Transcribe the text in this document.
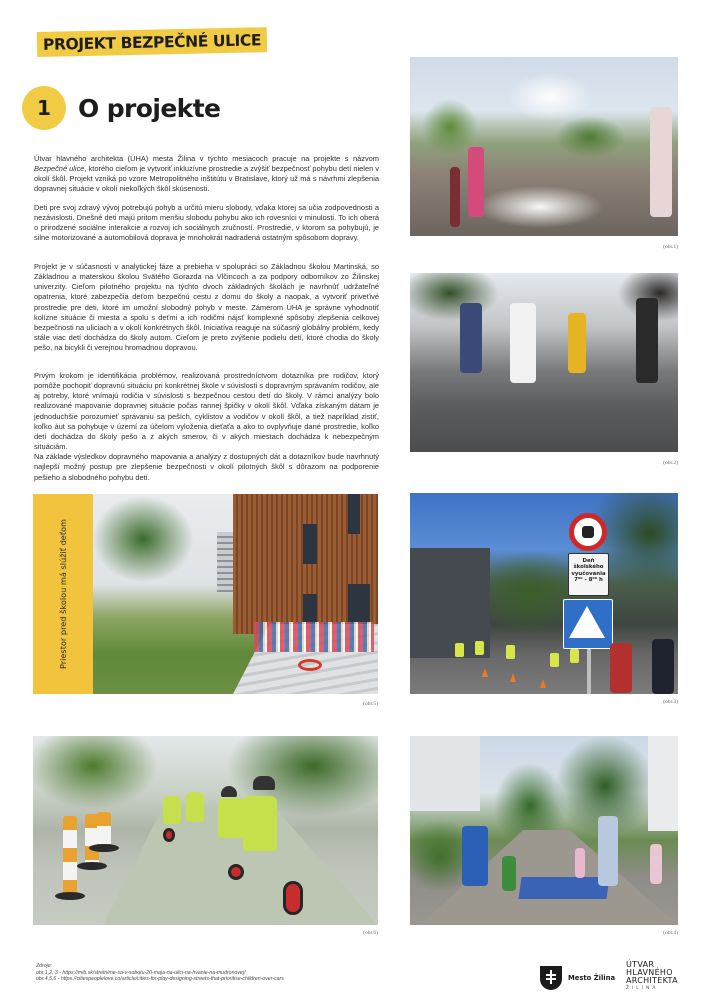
PROJEKT BEZPEČNÉ ULICE
1	O projekte

Útvar hlavného architekta (ÚHA) mesta Žilina v týchto mesiacoch pracuje na projekte s názvom Bezpečné ulice, ktorého cieľom je vytvoriť inkluzívne prostredie a zvýšiť bezpečnosť pohybu detí nielen v okolí škôl. Projekt vzniká po vzore Metropolitného inštitútu v Bratislave, ktorý už má s návrhmi zlepšenia dopravnej situácie v okolí niekoľkých škôl skúsenosti.

Deti pre svoj zdravý vývoj potrebujú pohyb a určitú mieru slobody, vďaka ktorej sa učia zodpovednosti a nezávislosti. Dnešné deti majú pritom menšiu slobodu pohybu ako ich rovesníci v minulosti. To ich oberá o prirodzené sociálne interakcie a rozvoj ich sociálnych zručností. Prostredie, v ktorom sa pohybujú, je silne motorizované a automobilová doprava je mnohokrát nadradená ostatným spôsobom dopravy.

Projekt je v súčasnosti v analytickej fáze a prebieha v spolupráci so Základnou školou Martinská, so Základnou a materskou školou Svätého Gorazda na Vlčincoch a za podpory odborníkov zo Žilinskej univerzity. Cieľom pilotného projektu na týchto dvoch základných školách je navrhnúť udržateľné opatrenia, ktoré zabezpečia deťom bezpečnú cestu z domu do školy a naopak, a vytvoriť priveťivé prostredie pre deti, ktoré im umožní slobodný pohyb v meste. Zámerom ÚHA je správne vyhodnotiť kolízne situácie či miesta a spolu s deťmi a ich rodičmi nájsť komplexné spôsoby zlepšenia celkovej bezpečnosti na uliciach a v okolí konkrétnych škôl. Iniciatíva reaguje na súčasný globálny problém, kedy stále viac detí dochádza do školy autom. Cieľom je preto zvýšenie podielu detí, ktoré chodia do školy pešo, na bicykli či verejnou hromadnou dopravou.

Prvým krokom je identifikácia problémov, realizovaná prostredníctvom dotazníka pre rodičov, ktorý pomôže pochopiť dopravnú situáciu pri konkrétnej škole v súvislosti s dopravným správaním rodičov, ale aj potreby, ktoré vnímajú rodičia v súvislosti s bezpečnou cestou detí do školy. V rámci analýzy bolo realizované mapovanie dopravnej situácie počas rannej špičky v okolí škôl. Vďaka získaným dátam je jednoduchšie porozumieť správaniu sa peších, cyklistov a vodičov v okolí škôl, a tiež napríklad zistiť, koľko áut sa pohybuje v území za účelom vyloženia dieťaťa a ako to ovplyvňuje dané prostredie, koľko detí dochádza do školy pešo a z akých smerov, či v akých miestach dochádza k nebezpečným situáciám.

Na základe výsledkov dopravného mapovania a analýzy z dostupných dát a dotazníkov bude navrhnutý najlepší možný postup pre zlepšenie bezpečnosti v okolí pilotných škôl s dôrazom na podporenie pešieho a slobodného pohybu detí.

(obr.1)
(obr.2)
Priestor pred školou má slúžiť deťom
(obr.5)
Deň
školského
vyučovania
7⁰⁰ - 8⁰⁰ h
(obr.3)
(obr.6)	(obr.4)
Zdroje:
obr.1,2, 3 - https://mib.sk/stretnime-sa-v-sobotu-20-maja-na-ulici-na-hvanie-na-mudronovej/
obr.4,5,6 - https://citiespeoplelove.co/article/cities-for-play-designing-streets-that-prioritise-children-over-cars	Mesto Žilina
ÚTVAR
HLAVNÉHO
ARCHITEKTA
ŽILINA
